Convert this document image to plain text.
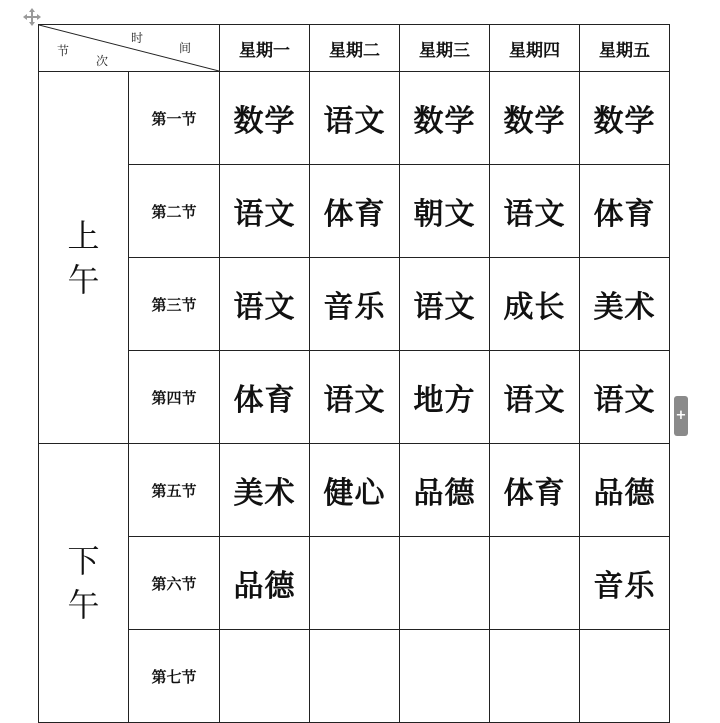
节
次
时
间		星期一	星期二	星期三	星期四	星期五

上
午	第一节	数学	语文	数学	数学	数学
	第二节	语文	体育	朝文	语文	体育
	第三节	语文	音乐	语文	成长	美术
	第四节	体育	语文	地方	语文	语文

下
午	第五节	美术	健心	品德	体育	品德
	第六节	品德				音乐
	第七节					
+
